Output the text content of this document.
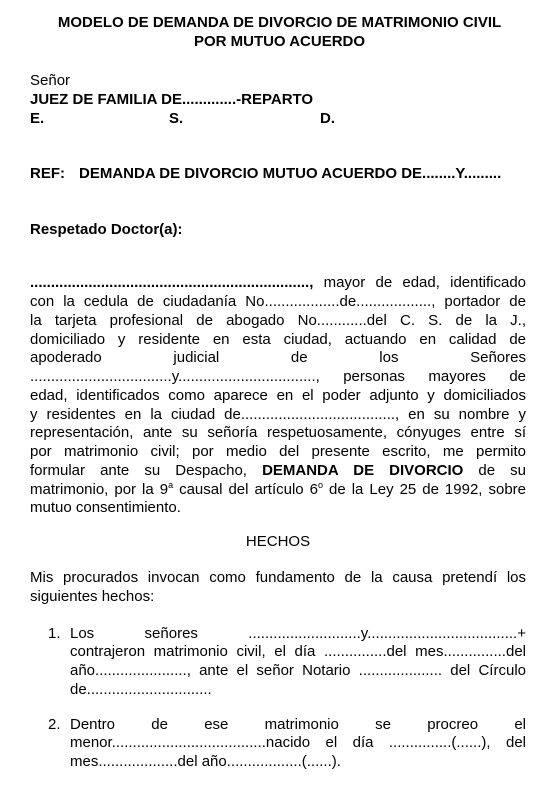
MODELO DE DEMANDA DE DIVORCIO DE MATRIMONIO CIVIL
POR MUTUO ACUERDO
Señor
JUEZ DE FAMILIA DE.............-REPARTO
E.	S.	D.
REF: DEMANDA DE DIVORCIO MUTUO ACUERDO DE........Y.........
Respetado Doctor(a):
..................................................................., mayor de edad, identificado
con la cedula de ciudadanía No..................de.................., portador de
la tarjeta profesional de abogado No............del C. S. de la J.,
domiciliado y residente en esta ciudad, actuando en calidad de
apoderado judicial de los Señores
..................................y................................., personas mayores de
edad, identificados como aparece en el poder adjunto y domiciliados
y residentes en la ciudad de....................................., en su nombre y
representación, ante su señoría respetuosamente, cónyuges entre sí
por matrimonio civil; por medio del presente escrito, me permito
formular ante su Despacho, DEMANDA DE DIVORCIO de su
matrimonio, por la 9$^a$ causal del artículo 6$^o$ de la Ley 25 de 1992, sobre
mutuo consentimiento.
HECHOS
Mis procurados invocan como fundamento de la causa pretendí los
siguientes hechos:
1. Los señores ...........................y....................................+
contrajeron matrimonio civil, el día ...............del mes...............del
año......................, ante el señor Notario .................... del Círculo
de..............................
2. Dentro de ese matrimonio se procreo el
menor.....................................nacido el día ...............(......), del
mes...................del año..................(......).
